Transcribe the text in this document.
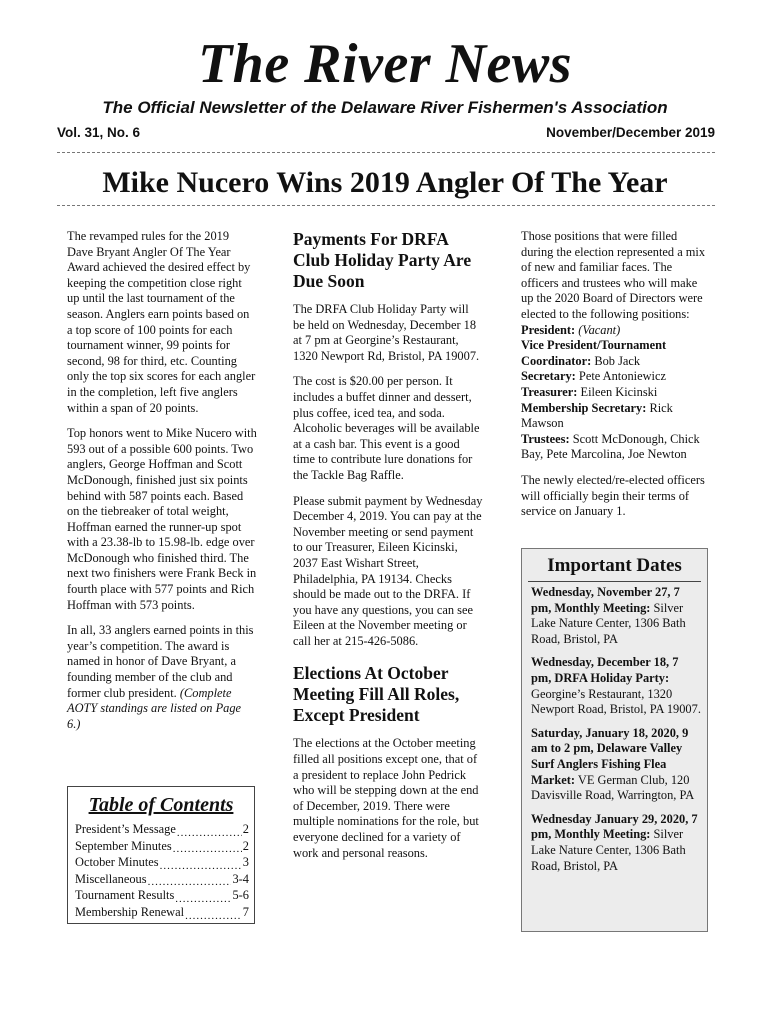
The River News
The Official Newsletter of the Delaware River Fishermen's Association
Vol. 31, No. 6	November/December 2019
Mike Nucero Wins 2019 Angler Of The Year

The revamped rules for the 2019 Dave Bryant Angler Of The Year Award achieved the desired effect by keeping the competition close right up until the last tournament of the season. Anglers earn points based on a top score of 100 points for each tournament winner, 99 points for second, 98 for third, etc. Counting only the top six scores for each angler in the completion, left five anglers within a span of 20 points.

Top honors went to Mike Nucero with 593 out of a possible 600 points. Two anglers, George Hoffman and Scott McDonough, finished just six points behind with 587 points each. Based on the tiebreaker of total weight, Hoffman earned the runner-up spot with a 23.38-lb to 15.98-lb. edge over McDonough who finished third. The next two finishers were Frank Beck in fourth place with 577 points and Rich Hoffman with 573 points.

In all, 33 anglers earned points in this year’s competition. The award is named in honor of Dave Bryant, a founding member of the club and former club president. (Complete AOTY standings are listed on Page 6.)

Table of Contents
President’s Message .....	2
September Minutes .....	2
October Minutes .....	3
Miscellaneous .....	3-4
Tournament Results .....	5-6
Membership Renewal .....	7
Payments For DRFA Club Holiday Party Are Due Soon

The DRFA Club Holiday Party will be held on Wednesday, December 18 at 7 pm at Georgine’s Restaurant, 1320 Newport Rd, Bristol, PA 19007.

The cost is $20.00 per person. It includes a buffet dinner and dessert, plus coffee, iced tea, and soda. Alcoholic beverages will be available at a cash bar. This event is a good time to contribute lure donations for the Tackle Bag Raffle.

Please submit payment by Wednesday December 4, 2019. You can pay at the November meeting or send payment to our Treasurer, Eileen Kicinski, 2037 East Wishart Street, Philadelphia, PA 19134. Checks should be made out to the DRFA. If you have any questions, you can see Eileen at the November meeting or call her at 215-426-5086.

Elections At October Meeting Fill All Roles, Except President

The elections at the October meeting filled all positions except one, that of a president to replace John Pedrick who will be stepping down at the end of December, 2019. There were multiple nominations for the role, but everyone declined for a variety of work and personal reasons.

Those positions that were filled during the election represented a mix of new and familiar faces. The officers and trustees who will make up the 2020 Board of Directors were elected to the following positions:

President: (Vacant)
Vice President/Tournament Coordinator: Bob Jack
Secretary: Pete Antoniewicz
Treasurer: Eileen Kicinski
Membership Secretary: Rick Mawson
Trustees: Scott McDonough, Chick Bay, Pete Marcolina, Joe Newton

The newly elected/re-elected officers will officially begin their terms of service on January 1.

Important Dates
Wednesday, November 27, 7 pm, Monthly Meeting: Silver Lake Nature Center, 1306 Bath Road, Bristol, PA
Wednesday, December 18, 7 pm, DRFA Holiday Party: Georgine’s Restaurant, 1320 Newport Road, Bristol, PA 19007.
Saturday, January 18, 2020, 9 am to 2 pm, Delaware Valley Surf Anglers Fishing Flea Market: VE German Club, 120 Davisville Road, Warrington, PA
Wednesday January 29, 2020, 7 pm, Monthly Meeting: Silver Lake Nature Center, 1306 Bath Road, Bristol, PA
